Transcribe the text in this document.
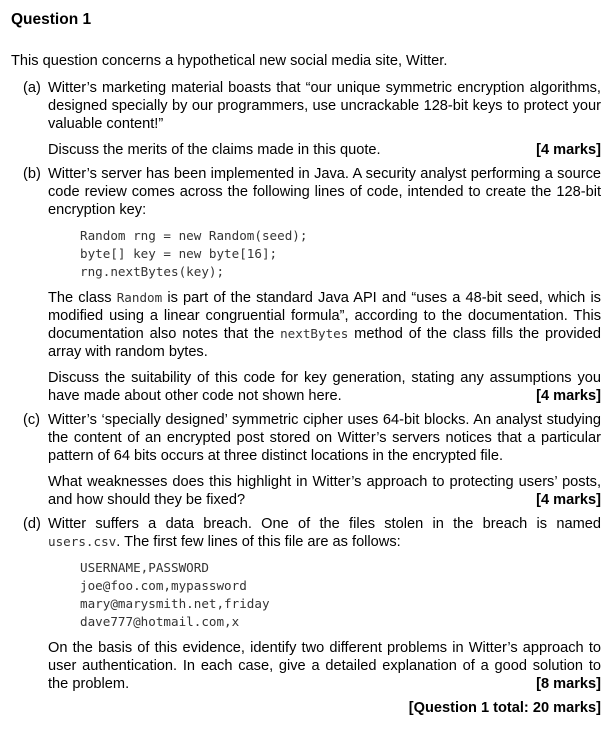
Question 1

This question concerns a hypothetical new social media site, Witter.

(a) Witter’s marketing material boasts that “our unique symmetric encryption algorithms, designed specially by our programmers, use uncrackable 128-bit keys to protect your valuable content!”

Discuss the merits of the claims made in this quote.	[4 marks]

(b) Witter’s server has been implemented in Java. A security analyst performing a source code review comes across the following lines of code, intended to create the 128-bit encryption key:

Random rng = new Random(seed);
byte[] key = new byte[16];
rng.nextBytes(key);

The class Random is part of the standard Java API and “uses a 48-bit seed, which is modified using a linear congruential formula”, according to the documentation. This documentation also notes that the nextBytes method of the class fills the provided array with random bytes.

Discuss the suitability of this code for key generation, stating any assumptions you have made about other code not shown here.	[4 marks]

(c) Witter’s ‘specially designed’ symmetric cipher uses 64-bit blocks. An analyst studying the content of an encrypted post stored on Witter’s servers notices that a particular pattern of 64 bits occurs at three distinct locations in the encrypted file.

What weaknesses does this highlight in Witter’s approach to protecting users’ posts, and how should they be fixed?	[4 marks]

(d) Witter suffers a data breach. One of the files stolen in the breach is named users.csv. The first few lines of this file are as follows:

USERNAME,PASSWORD
joe@foo.com,mypassword
mary@marysmith.net,friday
dave777@hotmail.com,x

On the basis of this evidence, identify two different problems in Witter’s approach to user authentication. In each case, give a detailed explanation of a good solution to the problem.	[8 marks]

[Question 1 total: 20 marks]
